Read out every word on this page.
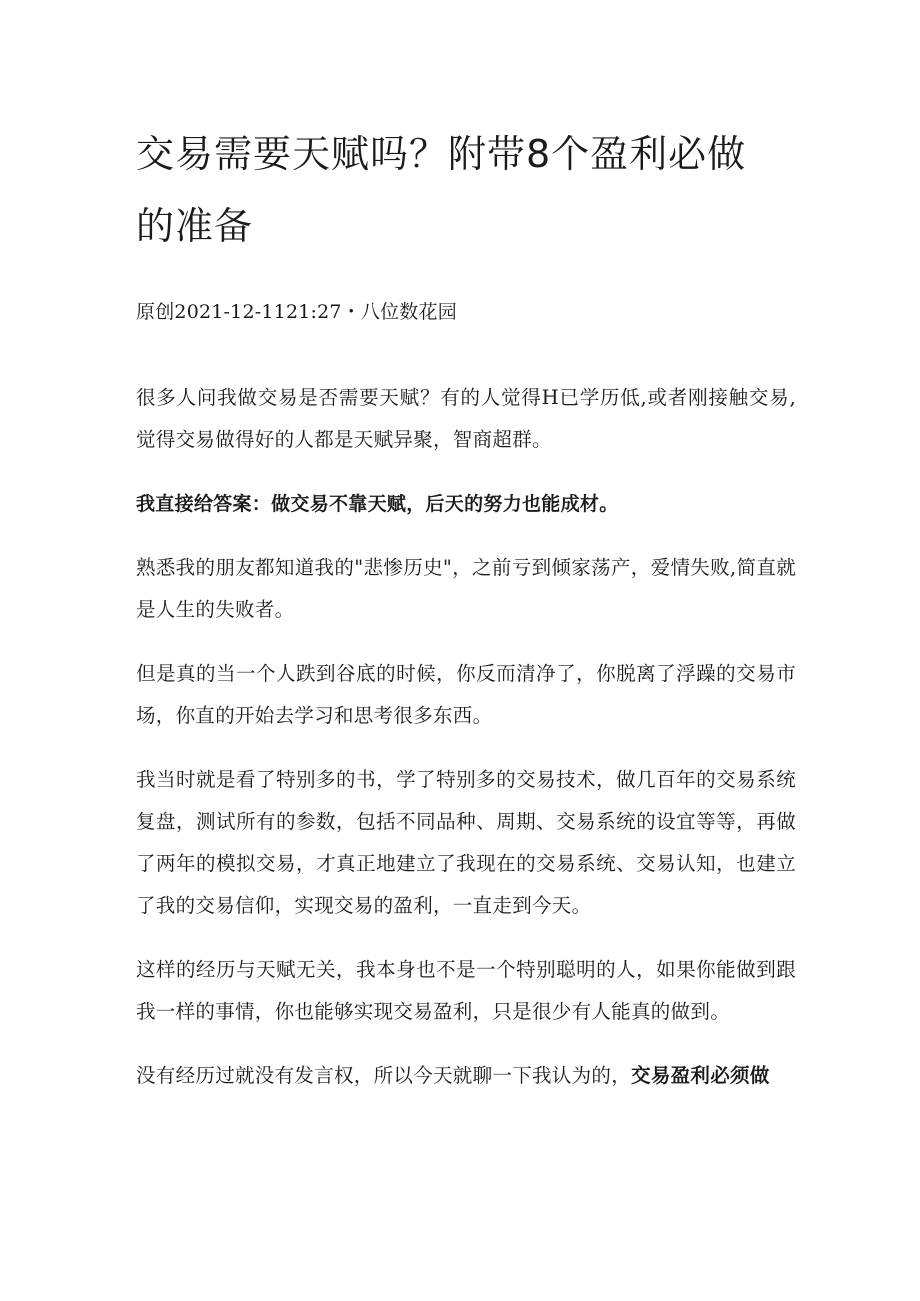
交易需要天赋吗？附带8个盈利必做的准备
原创2021-12-1121:27・八位数花园

很多人问我做交易是否需要天赋？有的人觉得H已学历低,或者刚接触交易,觉得交易做得好的人都是天赋异聚，智商超群。

我直接给答案：做交易不靠天赋，后天的努力也能成材。

熟悉我的朋友都知道我的"悲惨历史"，之前亏到倾家荡产，爱情失败,简直就是人生的失败者。

但是真的当一个人跌到谷底的时候，你反而清净了，你脱离了浮躁的交易市场，你直的开始去学习和思考很多东西。

我当时就是看了特别多的书，学了特别多的交易技术，做几百年的交易系统复盘，测试所有的参数，包括不同品种、周期、交易系统的设宜等等，再做了两年的模拟交易，才真正地建立了我现在的交易系统、交易认知，也建立了我的交易信仰，实现交易的盈利，一直走到今天。

这样的经历与天赋无关，我本身也不是一个特别聪明的人，如果你能做到跟我一样的事情，你也能够实现交易盈利，只是很少有人能真的做到。

没有经历过就没有发言权，所以今天就聊一下我认为的，交易盈利必须做
